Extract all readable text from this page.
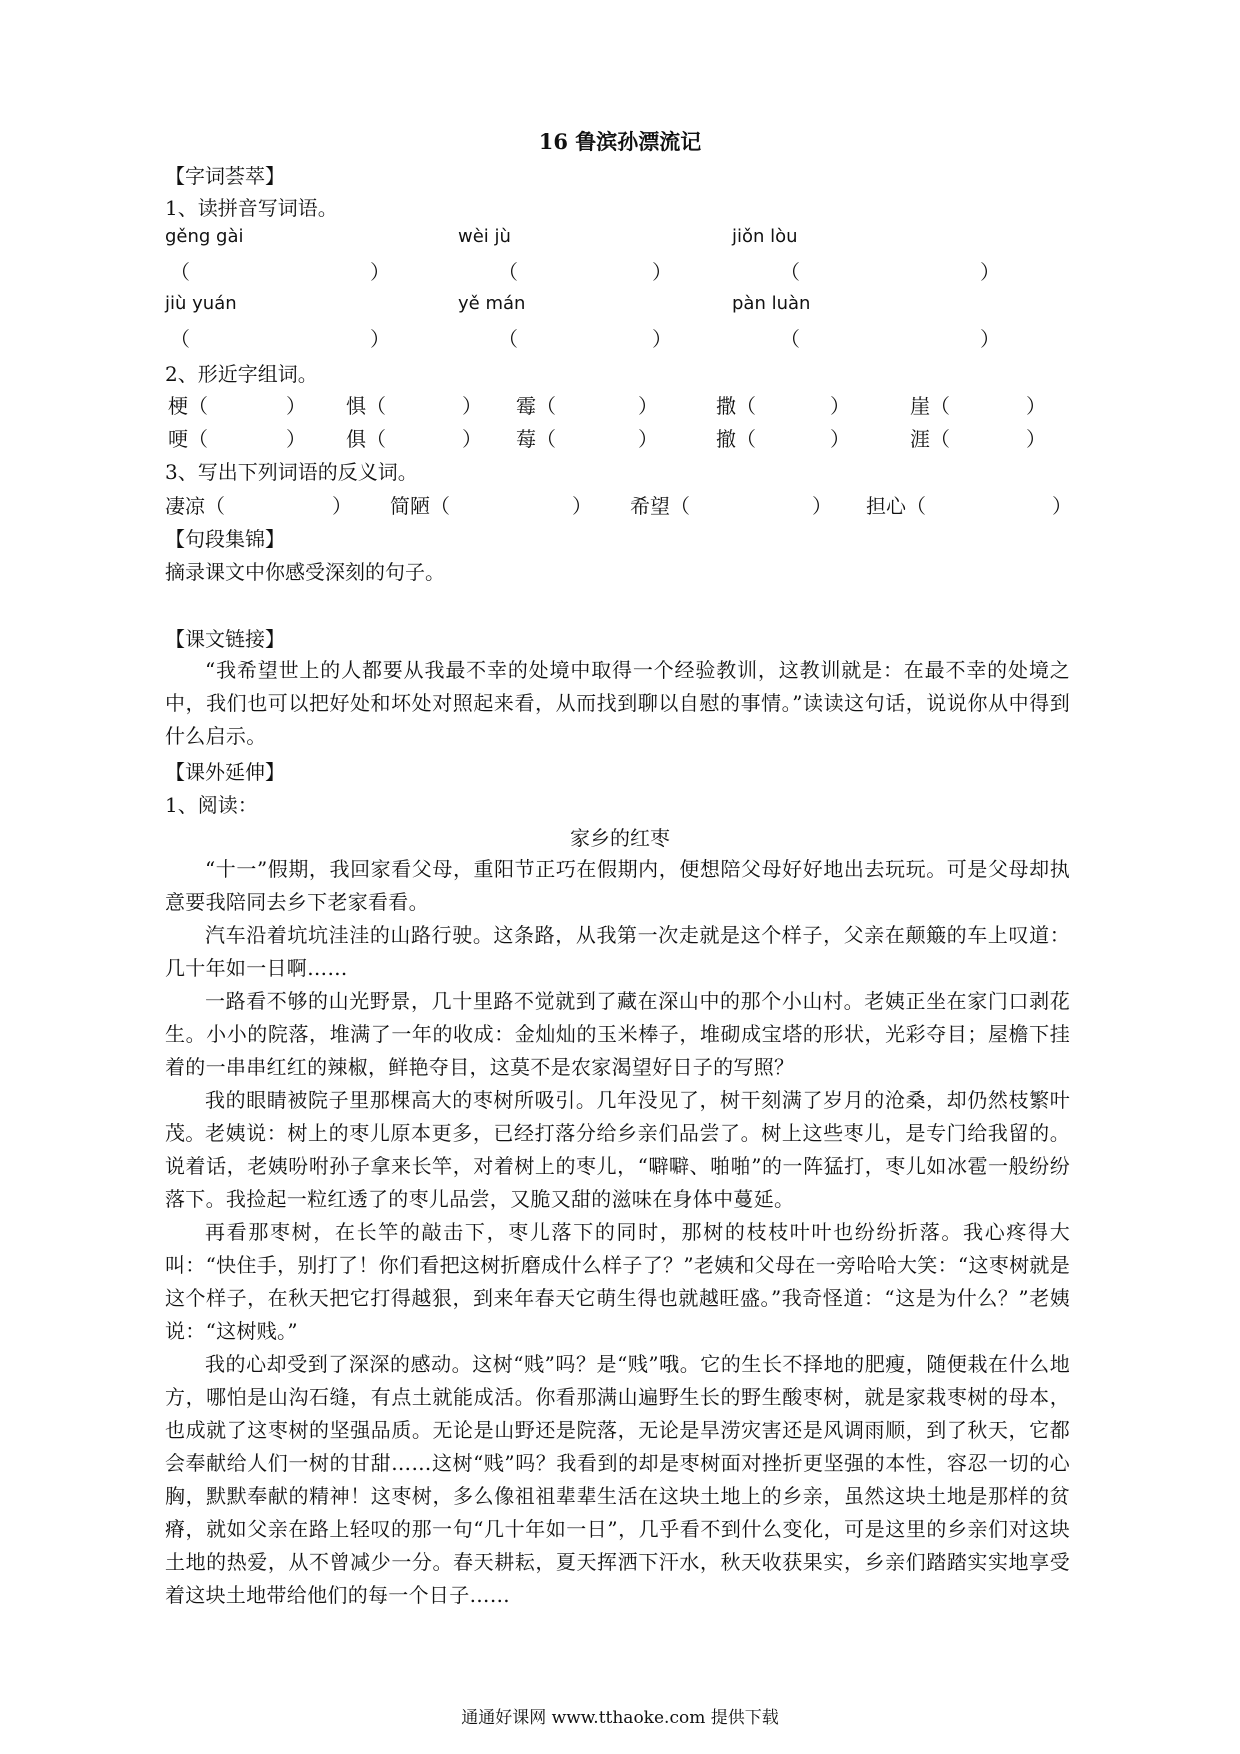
16 鲁滨孙漂流记
【字词荟萃】
1、读拼音写词语。
gěng gài	wèi jù	jiǒn lòu
（	）	（	）	（	）
jiù yuán	yě mán	pàn luàn
（	）	（	）	（	）
2、形近字组词。
梗（	） 惧（	） 霉（	）	撒（	）	崖（	）
哽（	） 俱（	） 莓（	）	撤（	）	涯（	）
3、写出下列词语的反义词。
凄凉（	） 简陋（	） 希望（	） 担心（	）
【句段集锦】
摘录课文中你感受深刻的句子。
【课文链接】
“我希望世上的人都要从我最不幸的处境中取得一个经验教训，这教训就是：在最不幸的处境之中，我们也可以把好处和坏处对照起来看，从而找到聊以自慰的事情。”读读这句话，说说你从中得到什么启示。
【课外延伸】
1、阅读：
家乡的红枣
“十一”假期，我回家看父母，重阳节正巧在假期内，便想陪父母好好地出去玩玩。可是父母却执意要我陪同去乡下老家看看。
汽车沿着坑坑洼洼的山路行驶。这条路，从我第一次走就是这个样子，父亲在颠簸的车上叹道：几十年如一日啊……
一路看不够的山光野景，几十里路不觉就到了藏在深山中的那个小山村。老姨正坐在家门口剥花生。小小的院落，堆满了一年的收成：金灿灿的玉米棒子，堆砌成宝塔的形状，光彩夺目；屋檐下挂着的一串串红红的辣椒，鲜艳夺目，这莫不是农家渴望好日子的写照？
我的眼睛被院子里那棵高大的枣树所吸引。几年没见了，树干刻满了岁月的沧桑，却仍然枝繁叶茂。 老姨说：树上的枣儿原本更多，已经打落分给乡亲们品尝了。树上这些枣儿，是专门给我留的。说着话，老姨吩咐孙子拿来长竿，对着树上的枣儿，“噼噼、啪啪”的一阵猛打，枣儿如冰雹一般纷纷落下。我捡起一粒红透了的枣儿品尝，又脆又甜的滋味在身体中蔓延。
再看那枣树，在长竿的敲击下，枣儿落下的同时，那树的枝枝叶叶也纷纷折落。我心疼得大叫：“快住手，别打了！你们看把这树折磨成什么样子了？”老姨和父母在一旁哈哈大笑：“这枣树就是这个样子，在秋天把它打得越狠，到来年春天它萌生得也就越旺盛。”我奇怪道：“这是为什么？”老姨说：“这树贱。”
我的心却受到了深深的感动。这树“贱”吗？是“贱”哦。它的生长不择地的肥瘦，随便栽在什么地方，哪怕是山沟石缝，有点土就能成活。你看那满山遍野生长的野生酸枣树，就是家栽枣树的母本，也成就了这枣树的坚强品质。无论是山野还是院落，无论是旱涝灾害还是风调雨顺，到了秋天，它都会奉献给人们一树的甘甜……这树“贱”吗？我看到的却是枣树面对挫折更坚强的本性，容忍一切的心胸，默默奉献的精神！这枣树，多么像祖祖辈辈生活在这块土地上的乡亲，虽然这块土地是那样的贫瘠，就如父亲在路上轻叹的那一句“几十年如一日”，几乎看不到什么变化，可是这里的乡亲们对这块土地的热爱，从不曾减少一分。春天耕耘，夏天挥洒下汗水，秋天收获果实，乡亲们踏踏实实地享受着这块土地带给他们的每一个日子……
通通好课网 www.tthaoke.com 提供下载
